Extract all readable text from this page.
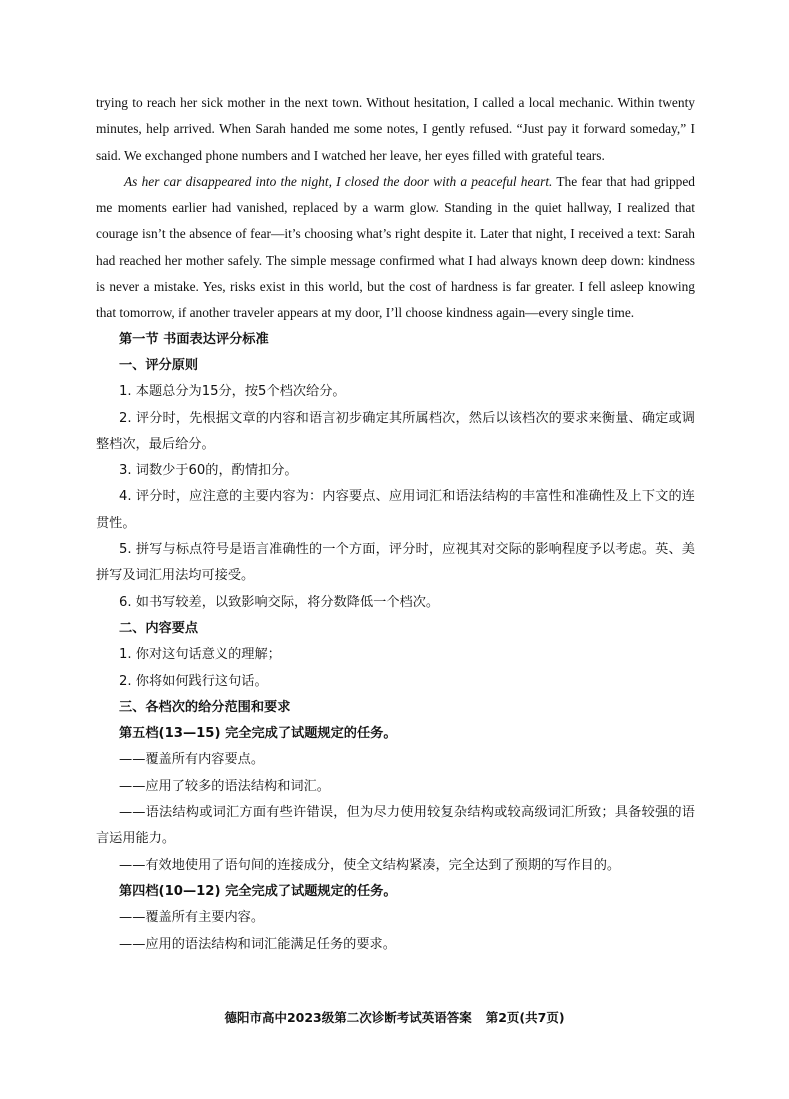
trying to reach her sick mother in the next town. Without hesitation, I called a local mechanic. Within twenty minutes, help arrived. When Sarah handed me some notes, I gently refused. “Just pay it forward someday,” I said. We exchanged phone numbers and I watched her leave, her eyes filled with grateful tears.

As her car disappeared into the night, I closed the door with a peaceful heart. The fear that had gripped me moments earlier had vanished, replaced by a warm glow. Standing in the quiet hallway, I realized that courage isn’t the absence of fear—it’s choosing what’s right despite it. Later that night, I received a text: Sarah had reached her mother safely. The simple message confirmed what I had always known deep down: kindness is never a mistake. Yes, risks exist in this world, but the cost of hardness is far greater. I fell asleep knowing that tomorrow, if another traveler appears at my door, I’ll choose kindness again—every single time.

第一节 书面表达评分标准

一、评分原则

1. 本题总分为15分，按5个档次给分。

2. 评分时，先根据文章的内容和语言初步确定其所属档次，然后以该档次的要求来衡量、确定或调整档次，最后给分。

3. 词数少于60的，酌情扣分。

4. 评分时，应注意的主要内容为：内容要点、应用词汇和语法结构的丰富性和准确性及上下文的连贯性。

5. 拼写与标点符号是语言准确性的一个方面，评分时，应视其对交际的影响程度予以考虑。英、美拼写及词汇用法均可接受。

6. 如书写较差，以致影响交际，将分数降低一个档次。

二、内容要点

1. 你对这句话意义的理解；

2. 你将如何践行这句话。

三、各档次的给分范围和要求

第五档(13—15) 完全完成了试题规定的任务。

——覆盖所有内容要点。

——应用了较多的语法结构和词汇。

——语法结构或词汇方面有些许错误，但为尽力使用较复杂结构或较高级词汇所致；具备较强的语言运用能力。

——有效地使用了语句间的连接成分，使全文结构紧凑，完全达到了预期的写作目的。

第四档(10—12) 完全完成了试题规定的任务。

——覆盖所有主要内容。

——应用的语法结构和词汇能满足任务的要求。

德阳市高中2023级第二次诊断考试英语答案 第2页(共7页)
